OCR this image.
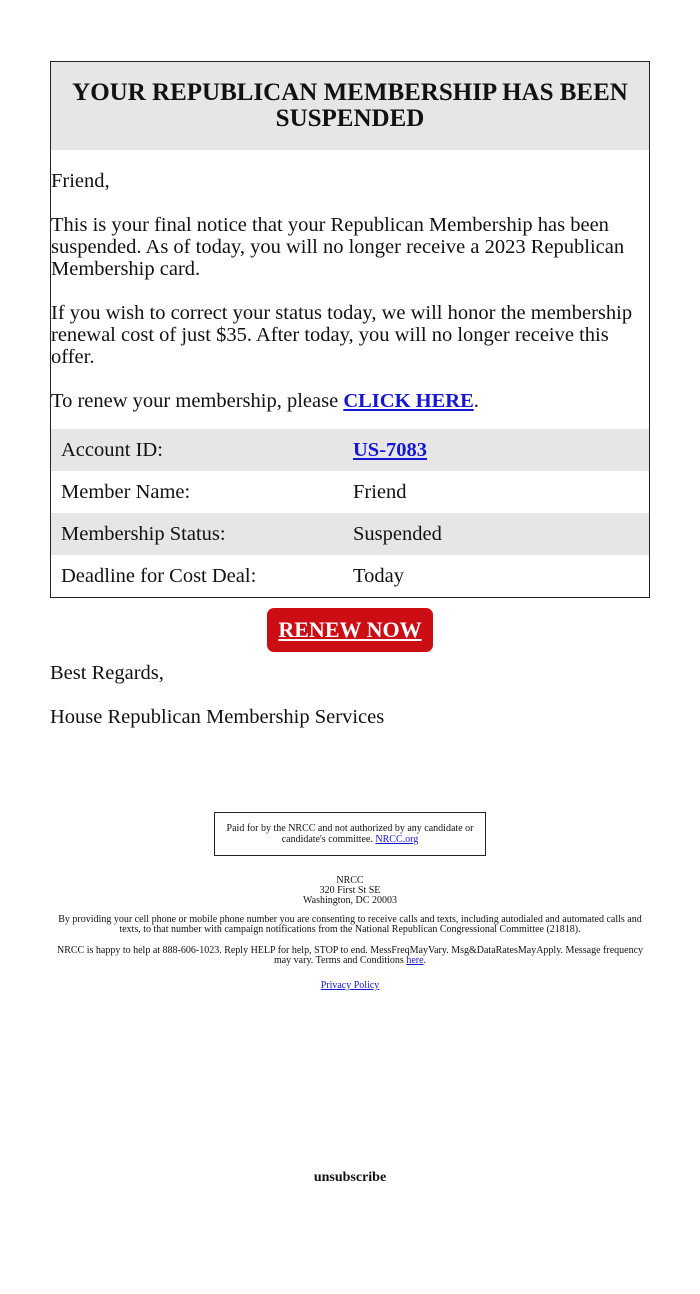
YOUR REPUBLICAN MEMBERSHIP HAS BEEN SUSPENDED

Friend,

This is your final notice that your Republican Membership has been suspended. As of today, you will no longer receive a 2023 Republican Membership card.

If you wish to correct your status today, we will honor the membership renewal cost of just $35. After today, you will no longer receive this offer.

To renew your membership, please CLICK HERE.

Account ID:	US-7083
Member Name:	Friend
Membership Status:	Suspended
Deadline for Cost Deal:	Today
RENEW NOW

Best Regards,

House Republican Membership Services

Paid for by the NRCC and not authorized by any candidate or candidate's committee. NRCC.org
NRCC
320 First St SE
Washington, DC 20003
By providing your cell phone or mobile phone number you are consenting to receive calls and texts, including autodialed and automated calls and texts, to that number with campaign notifications from the National Republican Congressional Committee (21818).
NRCC is happy to help at 888-606-1023. Reply HELP for help, STOP to end. MessFreqMayVary. Msg&DataRatesMayApply. Message frequency may vary. Terms and Conditions here.
Privacy Policy
unsubscribe
